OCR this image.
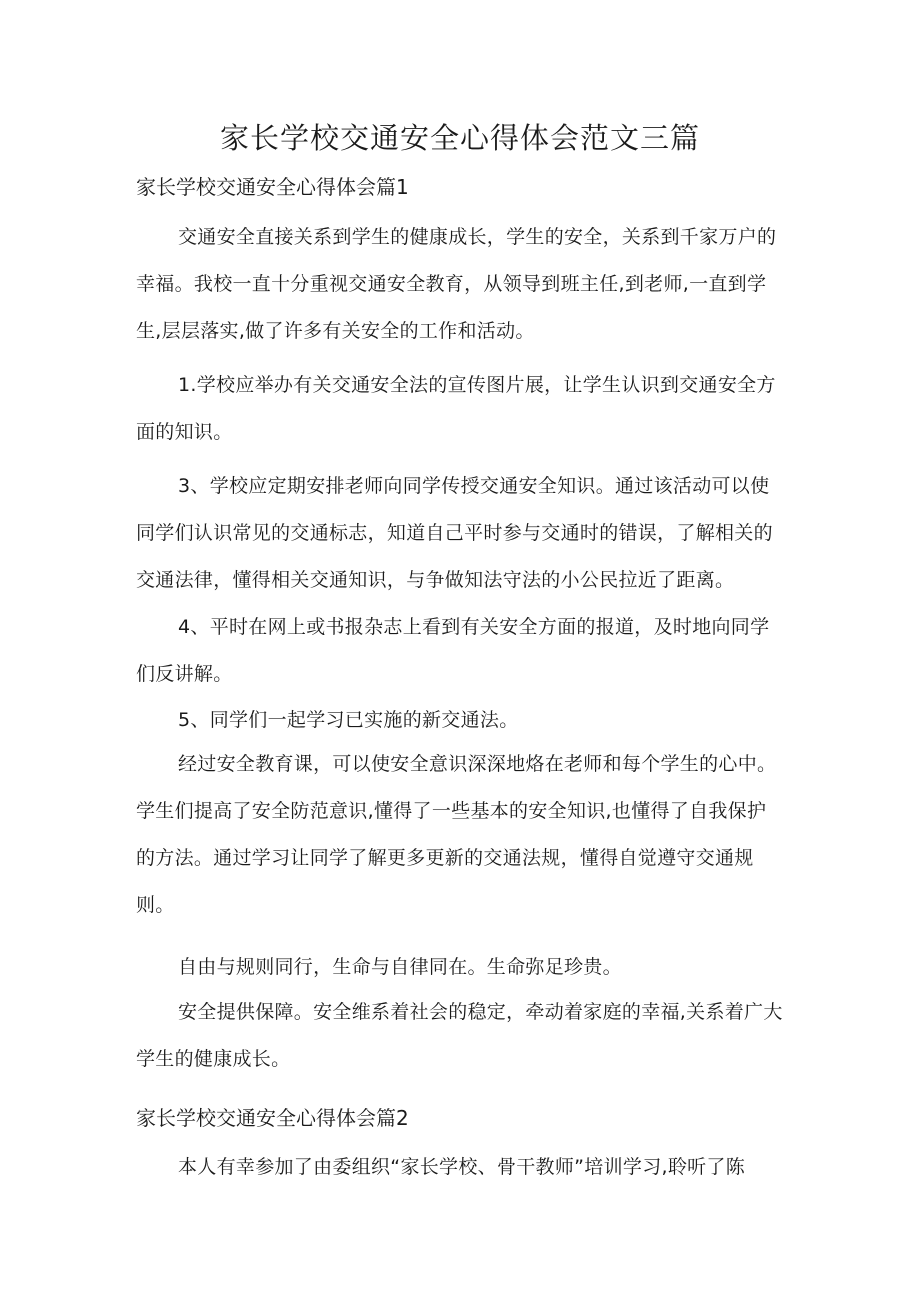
家长学校交通安全心得体会范文三篇
家长学校交通安全心得体会篇1

交通安全直接关系到学生的健康成长，学生的安全，关系到千家万户的幸福。我校一直十分重视交通安全教育，从领导到班主任,到老师,一直到学生,层层落实,做了许多有关安全的工作和活动。

1.学校应举办有关交通安全法的宣传图片展，让学生认识到交通安全方面的知识。

3、学校应定期安排老师向同学传授交通安全知识。通过该活动可以使同学们认识常见的交通标志，知道自己平时参与交通时的错误，了解相关的交通法律，懂得相关交通知识，与争做知法守法的小公民拉近了距离。

4、平时在网上或书报杂志上看到有关安全方面的报道，及时地向同学们反讲解。

5、同学们一起学习已实施的新交通法。

经过安全教育课，可以使安全意识深深地烙在老师和每个学生的心中。学生们提高了安全防范意识,懂得了一些基本的安全知识,也懂得了自我保护的方法。通过学习让同学了解更多更新的交通法规，懂得自觉遵守交通规则。

自由与规则同行，生命与自律同在。生命弥足珍贵。

安全提供保障。安全维系着社会的稳定，牵动着家庭的幸福,关系着广大学生的健康成长。

家长学校交通安全心得体会篇2

本人有幸参加了由委组织“家长学校、骨干教师”培训学习,聆听了陈
